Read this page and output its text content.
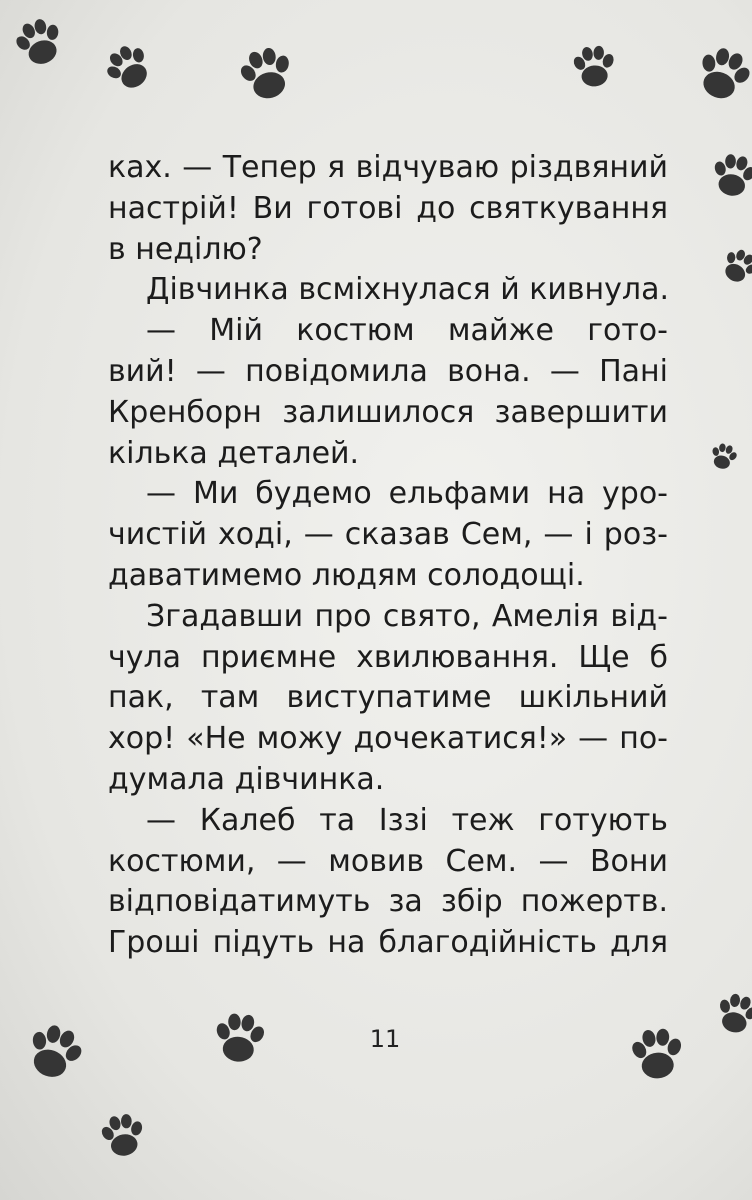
ках. — Тепер я відчуваю різдвяний
настрій! Ви готові до святкування
в неділю?
Дівчинка всміхнулася й кивнула.
— Мій костюм майже гото-
вий! — повідомила вона. — Пані
Кренборн залишилося завершити
кілька деталей.
— Ми будемо ельфами на уро-
чистій ході, — сказав Сем, — і роз-
даватимемо людям солодощі.
Згадавши про свято, Амелія від-
чула приємне хвилювання. Ще б
пак, там виступатиме шкільний
хор! «Не можу дочекатися!» — по-
думала дівчинка.
— Калеб та Іззі теж готують
костюми, — мовив Сем. — Вони
відповідатимуть за збір пожертв.
Гроші підуть на благодійність для
11
